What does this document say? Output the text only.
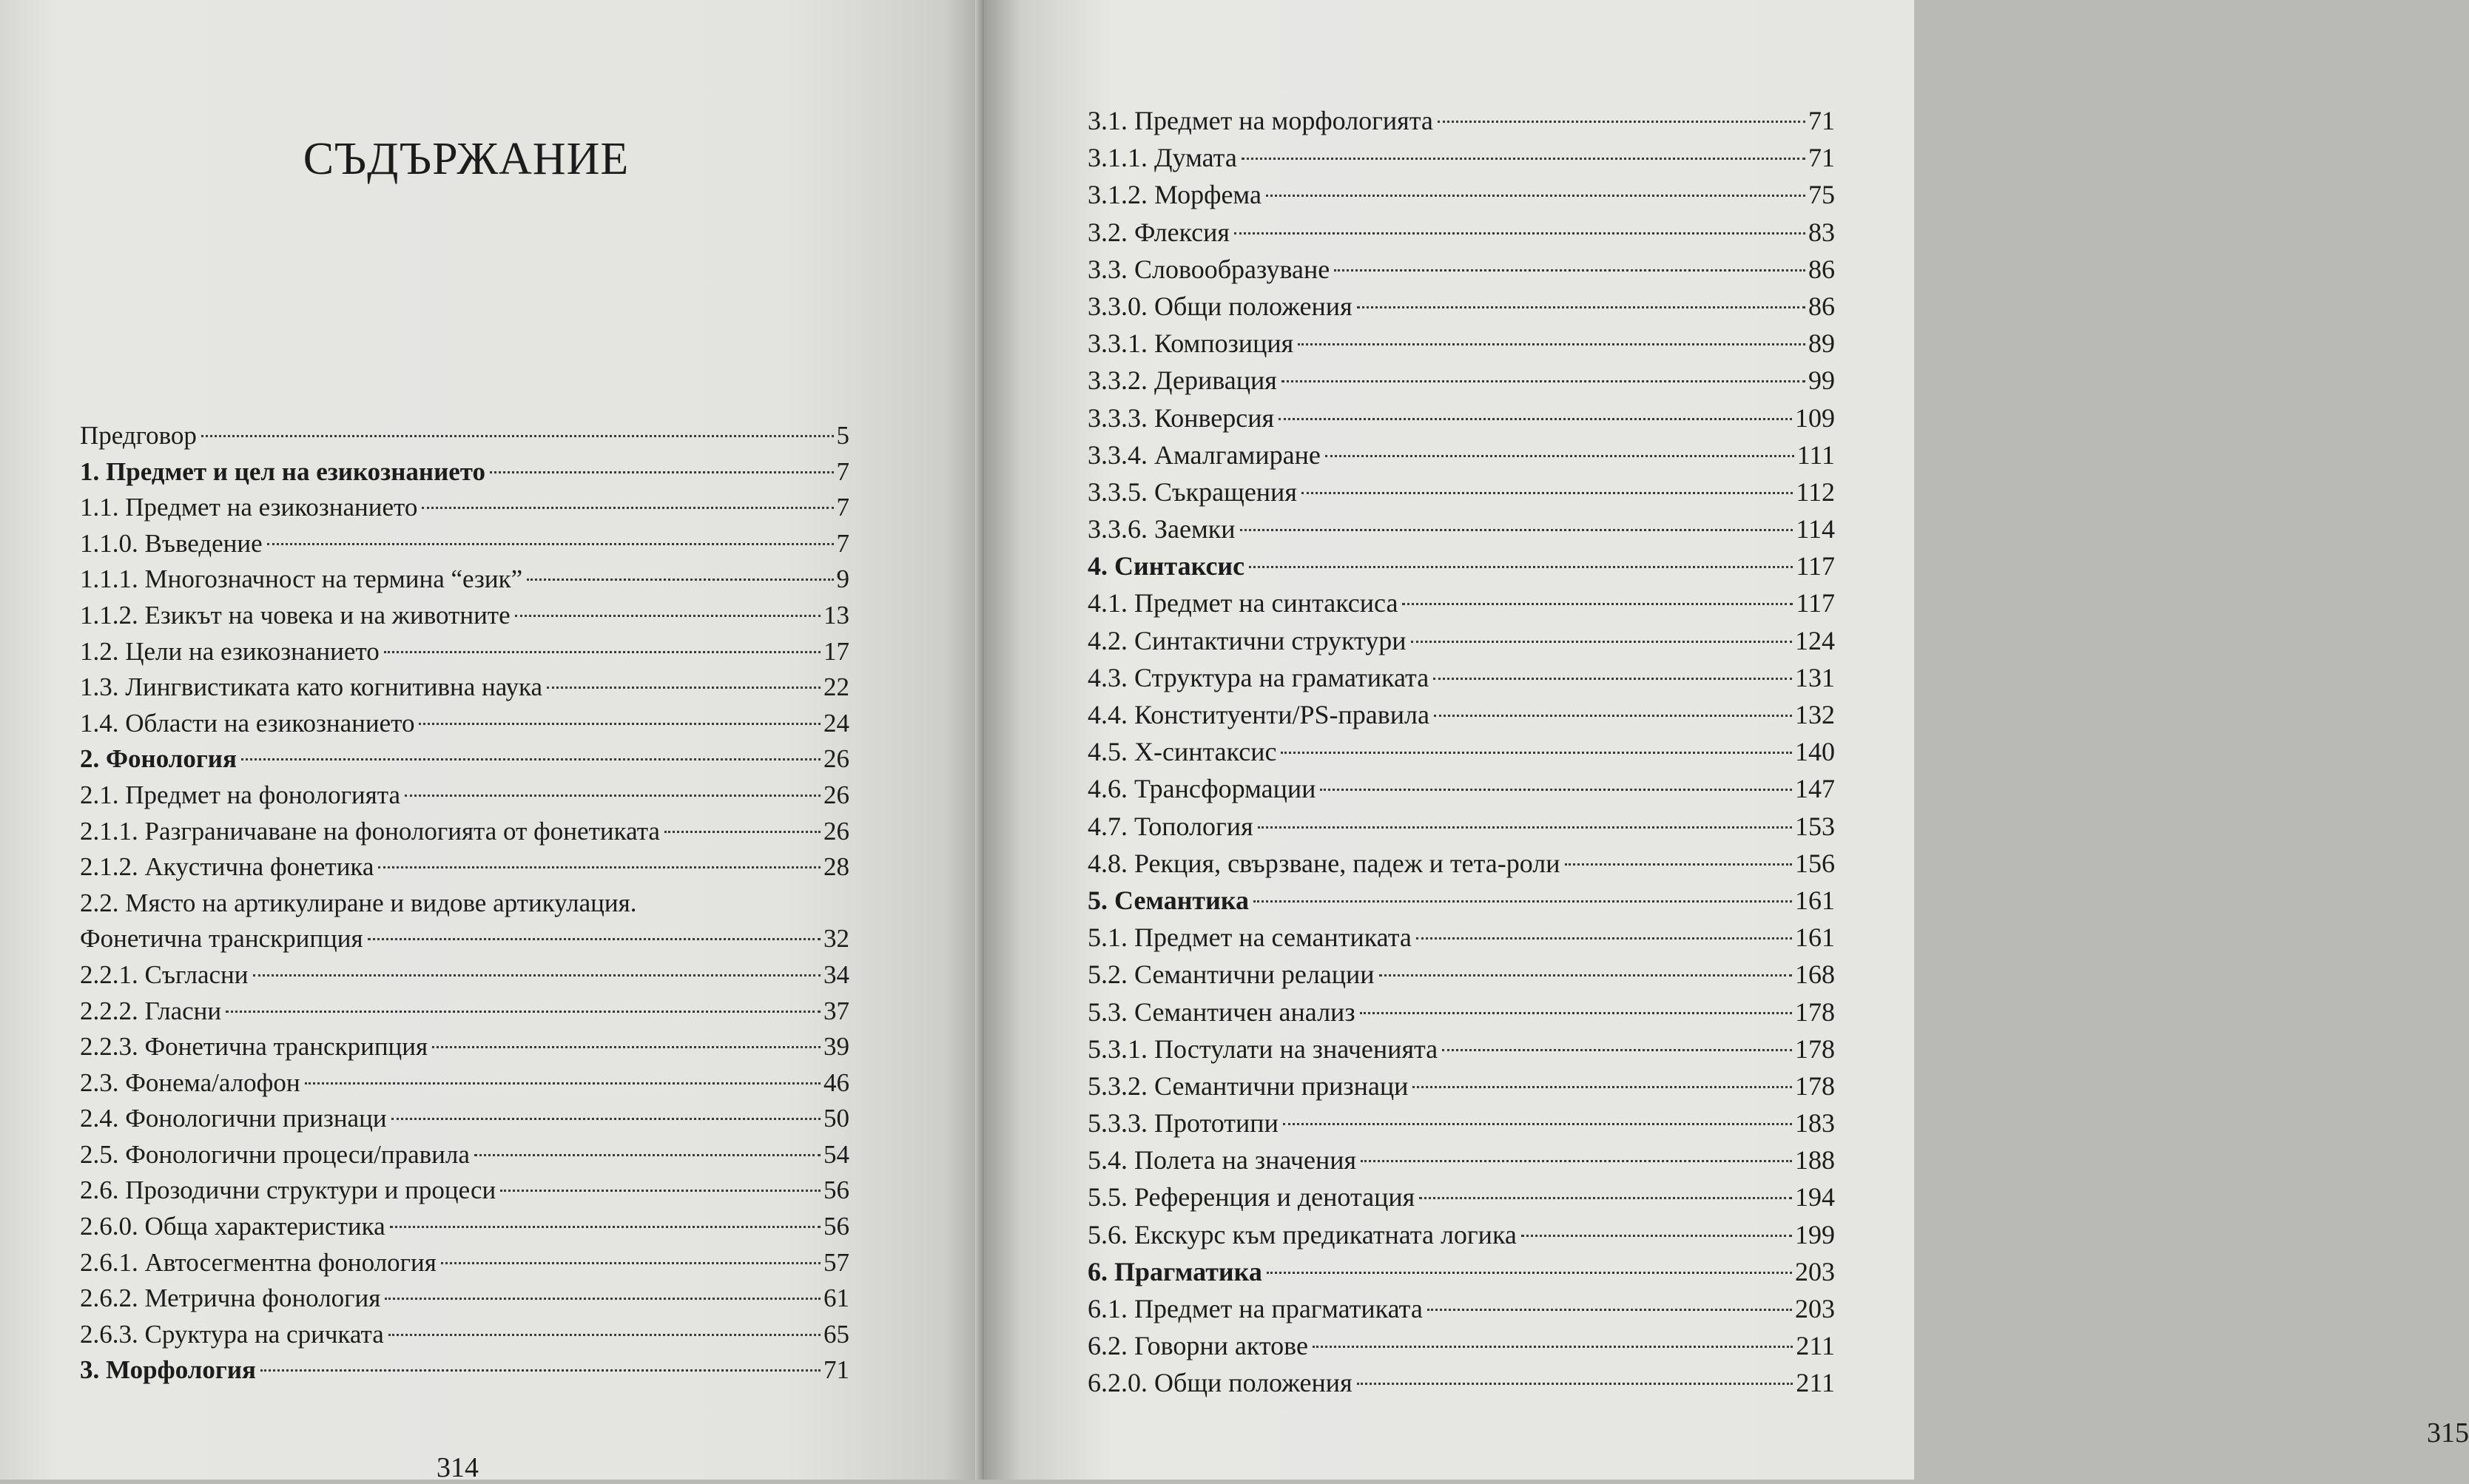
СЪДЪРЖАНИЕ
Предговор	5
1. Предмет и цел на езикознанието	7
1.1. Предмет на езикознанието	7
1.1.0. Въведение	7
1.1.1. Многозначност на термина “език”	9
1.1.2. Езикът на човека и на животните	13
1.2. Цели на езикознанието	17
1.3. Лингвистиката като когнитивна наука	22
1.4. Области на езикознанието	24
2. Фонология	26
2.1. Предмет на фонологията	26
2.1.1. Разграничаване на фонологията от фонетиката	26
2.1.2. Акустична фонетика	28
2.2. Място на артикулиране и видове артикулация.
Фонетична транскрипция	32
2.2.1. Съгласни	34
2.2.2. Гласни	37
2.2.3. Фонетична транскрипция	39
2.3. Фонема/алофон	46
2.4. Фонологични признаци	50
2.5. Фонологични процеси/правила	54
2.6. Прозодични структури и процеси	56
2.6.0. Обща характеристика	56
2.6.1. Автосегментна фонология	57
2.6.2. Метрична фонология	61
2.6.3. Сруктура на сричката	65
3. Морфология	71

314

3.1. Предмет на морфологията	71
3.1.1. Думата	71
3.1.2. Морфема	75
3.2. Флексия	83
3.3. Словообразуване	86
3.3.0. Общи положения	86
3.3.1. Композиция	89
3.3.2. Деривация	99
3.3.3. Конверсия	109
3.3.4. Амалгамиране	111
3.3.5. Съкращения	112
3.3.6. Заемки	114
4. Синтаксис	117
4.1. Предмет на синтаксиса	117
4.2. Синтактични структури	124
4.3. Структура на граматиката	131
4.4. Конституенти/PS-правила	132
4.5. X-синтаксис	140
4.6. Трансформации	147
4.7. Топология	153
4.8. Рекция, свързване, падеж и тета-роли	156
5. Семантика	161
5.1. Предмет на семантиката	161
5.2. Семантични релации	168
5.3. Семантичен анализ	178
5.3.1. Постулати на значенията	178
5.3.2. Семантични признаци	178
5.3.3. Прототипи	183
5.4. Полета на значения	188
5.5. Референция и денотация	194
5.6. Екскурс към предикатната логика	199
6. Прагматика	203
6.1. Предмет на прагматиката	203
6.2. Говорни актове	211
6.2.0. Общи положения	211

315
